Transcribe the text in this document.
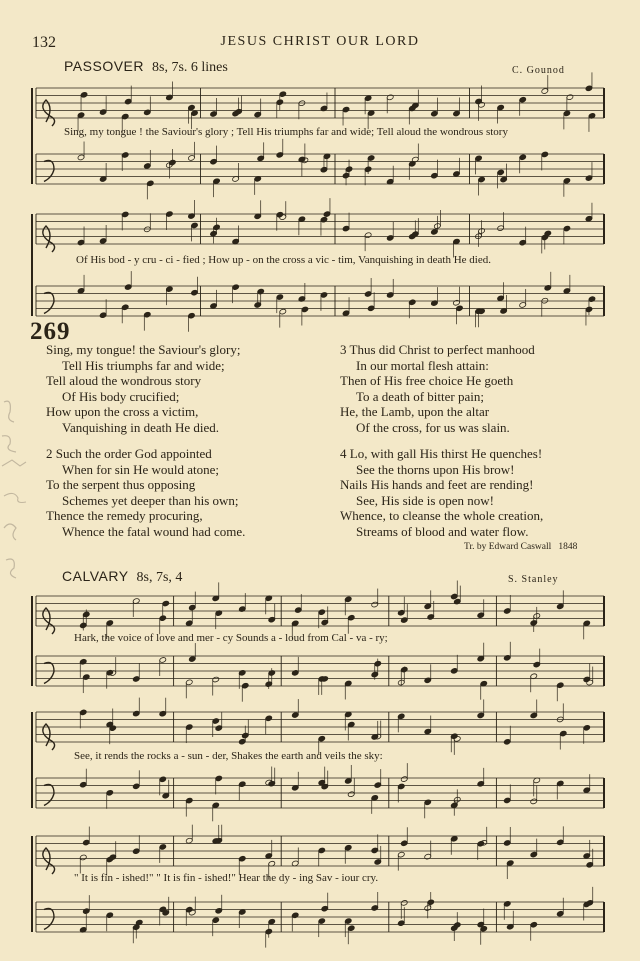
132	JESUS CHRIST OUR LORD
PASSOVER 8s, 7s. 6 lines	C. Gounod
Sing, my tongue ! the Saviour's glory ; Tell His triumphs far and wide; Tell aloud the wondrous story
Of His bod - y cru - ci - fied ; How up - on the cross a vic - tim, Vanquishing in death He died.
269
Sing, my tongue! the Saviour's glory;
Tell His triumphs far and wide;
Tell aloud the wondrous story
Of His body crucified;
How upon the cross a victim,
Vanquishing in death He died.
2 Such the order God appointed
When for sin He would atone;
To the serpent thus opposing
Schemes yet deeper than his own;
Thence the remedy procuring,
Whence the fatal wound had come.
3 Thus did Christ to perfect manhood
In our mortal flesh attain:
Then of His free choice He goeth
To a death of bitter pain;
He, the Lamb, upon the altar
Of the cross, for us was slain.
4 Lo, with gall His thirst He quenches!
See the thorns upon His brow!
Nails His hands and feet are rending!
See, His side is open now!
Whence, to cleanse the whole creation,
Streams of blood and water flow.
Tr. by Edward Caswall 1848
CALVARY 8s, 7s, 4	S. Stanley
Hark, the voice of love and mer - cy Sounds a - loud from Cal - va - ry;
See, it rends the rocks a - sun - der, Shakes the earth and veils the sky:
" It is fin - ished!" " It is fin - ished!" Hear the dy - ing Sav - iour cry.
